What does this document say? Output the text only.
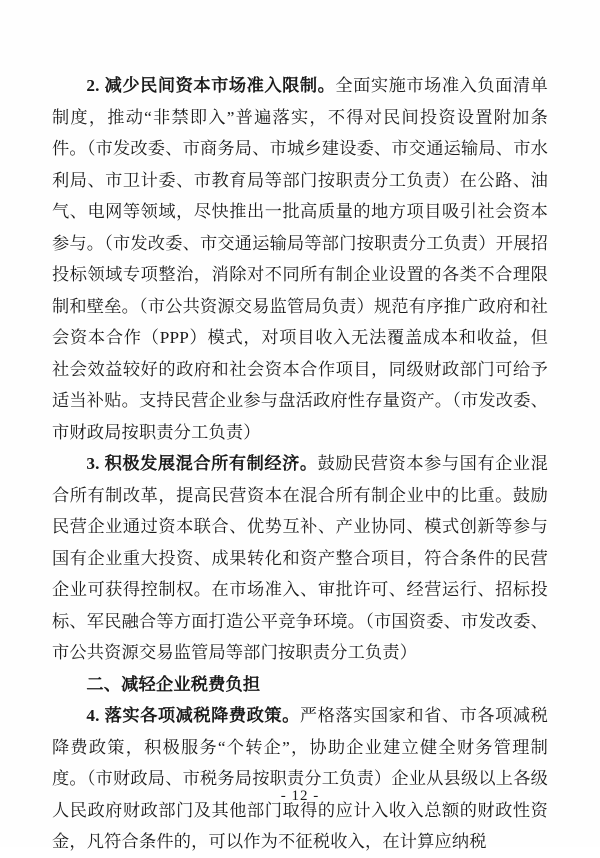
2. 减少民间资本市场准入限制。全面实施市场准入负面清单制度，推动“非禁即入”普遍落实，不得对民间投资设置附加条件。（市发改委、市商务局、市城乡建设委、市交通运输局、市水利局、市卫计委、市教育局等部门按职责分工负责）在公路、油气、电网等领域，尽快推出一批高质量的地方项目吸引社会资本参与。（市发改委、市交通运输局等部门按职责分工负责）开展招投标领域专项整治，消除对不同所有制企业设置的各类不合理限制和壁垒。（市公共资源交易监管局负责）规范有序推广政府和社会资本合作（PPP）模式，对项目收入无法覆盖成本和收益，但社会效益较好的政府和社会资本合作项目，同级财政部门可给予适当补贴。支持民营企业参与盘活政府性存量资产。（市发改委、市财政局按职责分工负责）

3. 积极发展混合所有制经济。鼓励民营资本参与国有企业混合所有制改革，提高民营资本在混合所有制企业中的比重。鼓励民营企业通过资本联合、优势互补、产业协同、模式创新等参与国有企业重大投资、成果转化和资产整合项目，符合条件的民营企业可获得控制权。在市场准入、审批许可、经营运行、招标投标、军民融合等方面打造公平竞争环境。（市国资委、市发改委、市公共资源交易监管局等部门按职责分工负责）

二、减轻企业税费负担

4. 落实各项减税降费政策。严格落实国家和省、市各项减税降费政策，积极服务“个转企”，协助企业建立健全财务管理制度。（市财政局、市税务局按职责分工负责）企业从县级以上各级人民政府财政部门及其他部门取得的应计入收入总额的财政性资金，凡符合条件的，可以作为不征税收入，在计算应纳税

- 12 -
